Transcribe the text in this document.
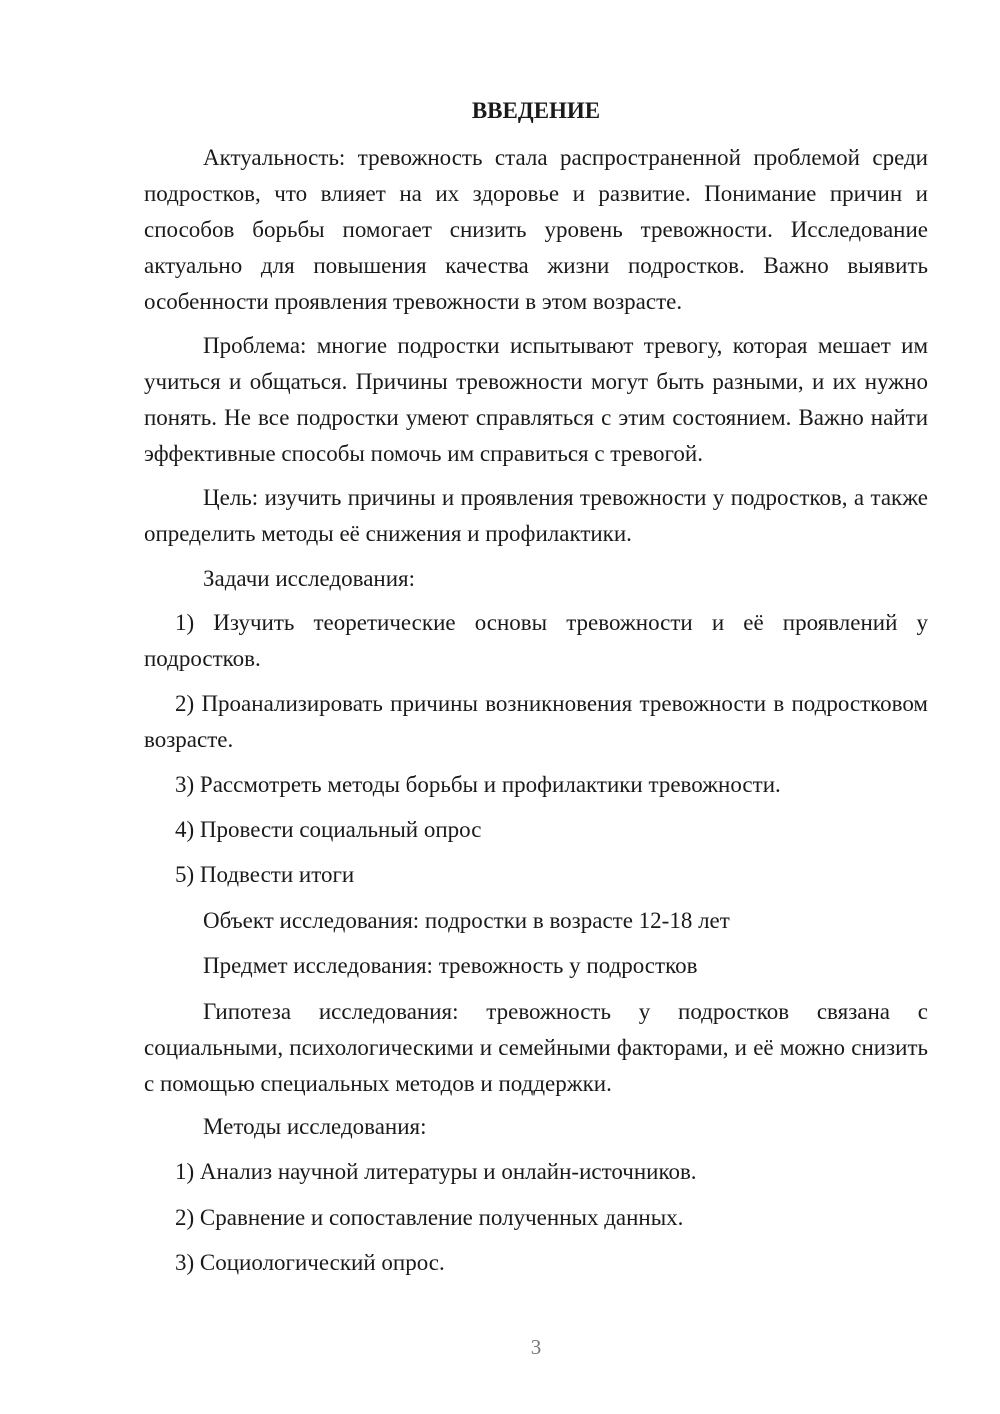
ВВЕДЕНИЕ
Актуальность: тревожность стала распространенной проблемой среди подростков, что влияет на их здоровье и развитие. Понимание причин и способов борьбы помогает снизить уровень тревожности. Исследование актуально для повышения качества жизни подростков. Важно выявить особенности проявления тревожности в этом возрасте.
Проблема: многие подростки испытывают тревогу, которая мешает им учиться и общаться. Причины тревожности могут быть разными, и их нужно понять. Не все подростки умеют справляться с этим состоянием. Важно найти эффективные способы помочь им справиться с тревогой.
Цель: изучить причины и проявления тревожности у подростков, а также определить методы её снижения и профилактики.
Задачи исследования:
1) Изучить теоретические основы тревожности и её проявлений у подростков.
2) Проанализировать причины возникновения тревожности в подростковом возрасте.
3) Рассмотреть методы борьбы и профилактики тревожности.
4) Провести социальный опрос
5) Подвести итоги
Объект исследования: подростки в возрасте 12-18 лет
Предмет исследования: тревожность у подростков
Гипотеза исследования: тревожность у подростков связана с социальными, психологическими и семейными факторами, и её можно снизить с помощью специальных методов и поддержки.
Методы исследования:
1) Анализ научной литературы и онлайн-источников.
2) Сравнение и сопоставление полученных данных.
3) Социологический опрос.
3
